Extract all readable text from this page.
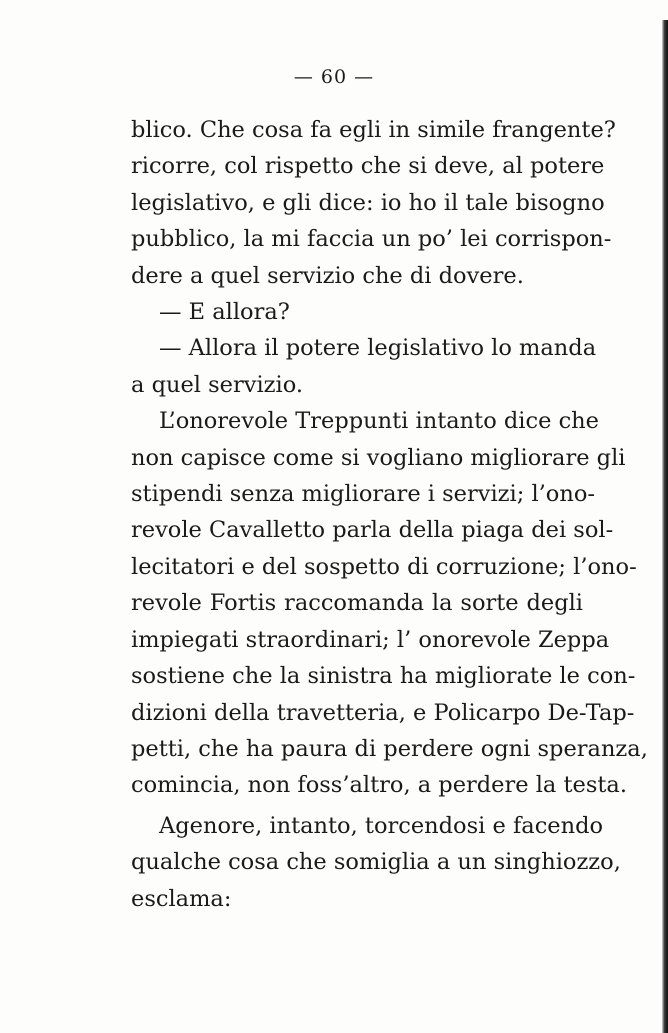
— 60 —
blico. Che cosa fa egli in simile frangente?
ricorre, col rispetto che si deve, al potere
legislativo, e gli dice: io ho il tale bisogno
pubblico, la mi faccia un po’ lei corrispon-
dere a quel servizio che di dovere.
— E allora?
— Allora il potere legislativo lo manda
a quel servizio.
L’onorevole Treppunti intanto dice che
non capisce come si vogliano migliorare gli
stipendi senza migliorare i servizi; l’ono-
revole Cavalletto parla della piaga dei sol-
lecitatori e del sospetto di corruzione; l’ono-
revole Fortis raccomanda la sorte degli
impiegati straordinari; l’ onorevole Zeppa
sostiene che la sinistra ha migliorate le con-
dizioni della travetteria, e Policarpo De-Tap-
petti, che ha paura di perdere ogni speranza,
comincia, non foss’altro, a perdere la testa.
Agenore, intanto, torcendosi e facendo
qualche cosa che somiglia a un singhiozzo,
esclama:
